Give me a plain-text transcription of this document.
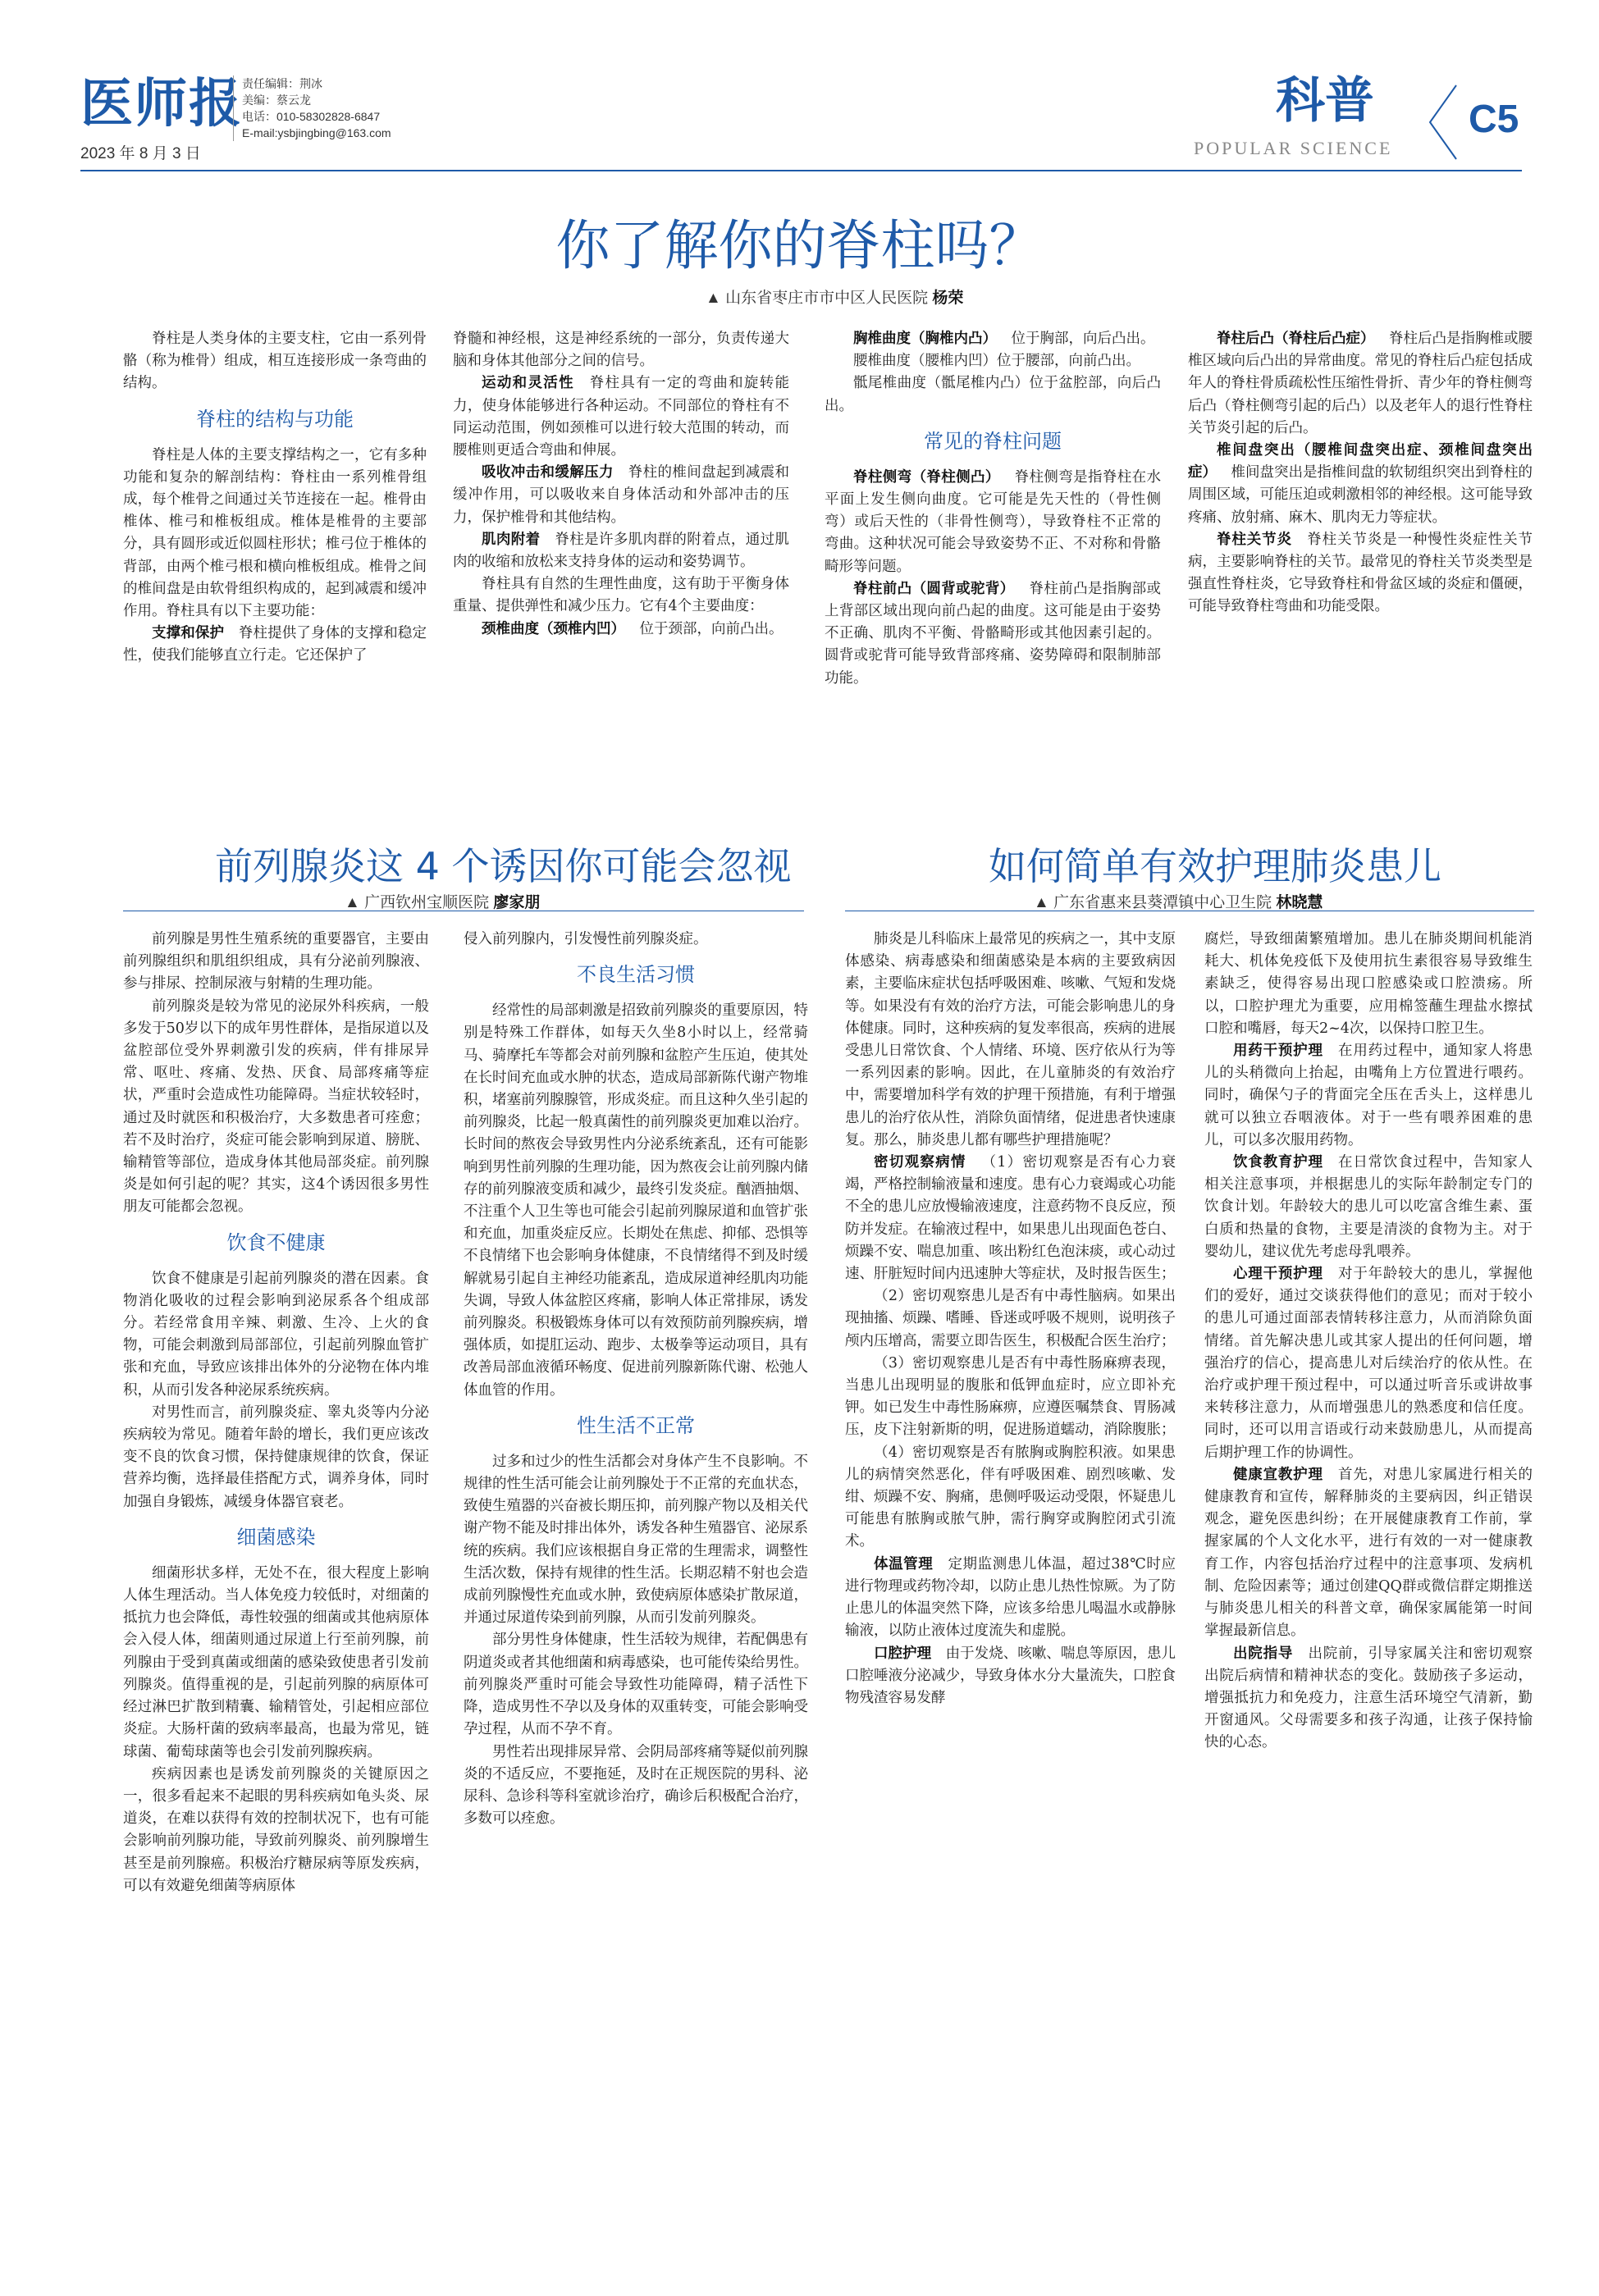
医师报
2023 年 8 月 3 日
责任编辑：荆冰
美编：蔡云龙
电话：010-58302828-6847
E-mail:ysbjingbing@163.com
科普
POPULAR SCIENCE
C5
你了解你的脊柱吗？
▲ 山东省枣庄市市中区人民医院 杨荣

脊柱是人类身体的主要支柱，它由一系列骨骼（称为椎骨）组成，相互连接形成一条弯曲的结构。

脊柱的结构与功能

脊柱是人体的主要支撑结构之一，它有多种功能和复杂的解剖结构：脊柱由一系列椎骨组成，每个椎骨之间通过关节连接在一起。椎骨由椎体、椎弓和椎板组成。椎体是椎骨的主要部分，具有圆形或近似圆柱形状；椎弓位于椎体的背部，由两个椎弓根和横向椎板组成。椎骨之间的椎间盘是由软骨组织构成的，起到减震和缓冲作用。脊柱具有以下主要功能：

支撑和保护  脊柱提供了身体的支撑和稳定性，使我们能够直立行走。它还保护了

脊髓和神经根，这是神经系统的一部分，负责传递大脑和身体其他部分之间的信号。

运动和灵活性  脊柱具有一定的弯曲和旋转能力，使身体能够进行各种运动。不同部位的脊柱有不同运动范围，例如颈椎可以进行较大范围的转动，而腰椎则更适合弯曲和伸展。

吸收冲击和缓解压力  脊柱的椎间盘起到减震和缓冲作用，可以吸收来自身体活动和外部冲击的压力，保护椎骨和其他结构。

肌肉附着  脊柱是许多肌肉群的附着点，通过肌肉的收缩和放松来支持身体的运动和姿势调节。

脊柱具有自然的生理性曲度，这有助于平衡身体重量、提供弹性和减少压力。它有4个主要曲度：

颈椎曲度（颈椎内凹）  位于颈部，向前凸出。

胸椎曲度（胸椎内凸）  位于胸部，向后凸出。

腰椎曲度（腰椎内凹）位于腰部，向前凸出。

骶尾椎曲度（骶尾椎内凸）位于盆腔部，向后凸出。

常见的脊柱问题

脊柱侧弯（脊柱侧凸）  脊柱侧弯是指脊柱在水平面上发生侧向曲度。它可能是先天性的（骨性侧弯）或后天性的（非骨性侧弯），导致脊柱不正常的弯曲。这种状况可能会导致姿势不正、不对称和骨骼畸形等问题。

脊柱前凸（圆背或驼背）  脊柱前凸是指胸部或上背部区域出现向前凸起的曲度。这可能是由于姿势不正确、肌肉不平衡、骨骼畸形或其他因素引起的。圆背或驼背可能导致背部疼痛、姿势障碍和限制肺部功能。

脊柱后凸（脊柱后凸症）  脊柱后凸是指胸椎或腰椎区域向后凸出的异常曲度。常见的脊柱后凸症包括成年人的脊柱骨质疏松性压缩性骨折、青少年的脊柱侧弯后凸（脊柱侧弯引起的后凸）以及老年人的退行性脊柱关节炎引起的后凸。

椎间盘突出（腰椎间盘突出症、颈椎间盘突出症）  椎间盘突出是指椎间盘的软韧组织突出到脊柱的周围区域，可能压迫或刺激相邻的神经根。这可能导致疼痛、放射痛、麻木、肌肉无力等症状。

脊柱关节炎  脊柱关节炎是一种慢性炎症性关节病，主要影响脊柱的关节。最常见的脊柱关节炎类型是强直性脊柱炎，它导致脊柱和骨盆区域的炎症和僵硬，可能导致脊柱弯曲和功能受限。

前列腺炎这 4 个诱因你可能会忽视
▲ 广西钦州宝顺医院 廖家朋

前列腺是男性生殖系统的重要器官，主要由前列腺组织和肌组织组成，具有分泌前列腺液、参与排尿、控制尿液与射精的生理功能。

前列腺炎是较为常见的泌尿外科疾病，一般多发于50岁以下的成年男性群体，是指尿道以及盆腔部位受外界刺激引发的疾病，伴有排尿异常、呕吐、疼痛、发热、厌食、局部疼痛等症状，严重时会造成性功能障碍。当症状较轻时，通过及时就医和积极治疗，大多数患者可痊愈；若不及时治疗，炎症可能会影响到尿道、膀胱、输精管等部位，造成身体其他局部炎症。前列腺炎是如何引起的呢？其实，这4个诱因很多男性朋友可能都会忽视。

饮食不健康

饮食不健康是引起前列腺炎的潜在因素。食物消化吸收的过程会影响到泌尿系各个组成部分。若经常食用辛辣、刺激、生冷、上火的食物，可能会刺激到局部部位，引起前列腺血管扩张和充血，导致应该排出体外的分泌物在体内堆积，从而引发各种泌尿系统疾病。

对男性而言，前列腺炎症、睾丸炎等内分泌疾病较为常见。随着年龄的增长，我们更应该改变不良的饮食习惯，保持健康规律的饮食，保证营养均衡，选择最佳搭配方式，调养身体，同时加强自身锻炼，减缓身体器官衰老。

细菌感染

细菌形状多样，无处不在，很大程度上影响人体生理活动。当人体免疫力较低时，对细菌的抵抗力也会降低，毒性较强的细菌或其他病原体会入侵人体，细菌则通过尿道上行至前列腺，前列腺由于受到真菌或细菌的感染致使患者引发前列腺炎。值得重视的是，引起前列腺的病原体可经过淋巴扩散到精囊、输精管处，引起相应部位炎症。大肠杆菌的致病率最高，也最为常见，链球菌、葡萄球菌等也会引发前列腺疾病。

疾病因素也是诱发前列腺炎的关键原因之一，很多看起来不起眼的男科疾病如龟头炎、尿道炎，在难以获得有效的控制状况下，也有可能会影响前列腺功能，导致前列腺炎、前列腺增生甚至是前列腺癌。积极治疗糖尿病等原发疾病，可以有效避免细菌等病原体

侵入前列腺内，引发慢性前列腺炎症。

不良生活习惯

经常性的局部刺激是招致前列腺炎的重要原因，特别是特殊工作群体，如每天久坐8小时以上，经常骑马、骑摩托车等都会对前列腺和盆腔产生压迫，使其处在长时间充血或水肿的状态，造成局部新陈代谢产物堆积，堵塞前列腺腺管，形成炎症。而且这种久坐引起的前列腺炎，比起一般真菌性的前列腺炎更加难以治疗。长时间的熬夜会导致男性内分泌系统紊乱，还有可能影响到男性前列腺的生理功能，因为熬夜会让前列腺内储存的前列腺液变质和减少，最终引发炎症。酗酒抽烟、不注重个人卫生等也可能会引起前列腺尿道和血管扩张和充血，加重炎症反应。长期处在焦虑、抑郁、恐惧等不良情绪下也会影响身体健康，不良情绪得不到及时缓解就易引起自主神经功能紊乱，造成尿道神经肌肉功能失调，导致人体盆腔区疼痛，影响人体正常排尿，诱发前列腺炎。积极锻炼身体可以有效预防前列腺疾病，增强体质，如提肛运动、跑步、太极拳等运动项目，具有改善局部血液循环畅度、促进前列腺新陈代谢、松弛人体血管的作用。

性生活不正常

过多和过少的性生活都会对身体产生不良影响。不规律的性生活可能会让前列腺处于不正常的充血状态，致使生殖器的兴奋被长期压抑，前列腺产物以及相关代谢产物不能及时排出体外，诱发各种生殖器官、泌尿系统的疾病。我们应该根据自身正常的生理需求，调整性生活次数，保持有规律的性生活。长期忍精不射也会造成前列腺慢性充血或水肿，致使病原体感染扩散尿道，并通过尿道传染到前列腺，从而引发前列腺炎。

部分男性身体健康，性生活较为规律，若配偶患有阴道炎或者其他细菌和病毒感染，也可能传染给男性。前列腺炎严重时可能会导致性功能障碍，精子活性下降，造成男性不孕以及身体的双重转变，可能会影响受孕过程，从而不孕不育。

男性若出现排尿异常、会阴局部疼痛等疑似前列腺炎的不适反应，不要拖延，及时在正规医院的男科、泌尿科、急诊科等科室就诊治疗，确诊后积极配合治疗，多数可以痊愈。

如何简单有效护理肺炎患儿
▲ 广东省惠来县葵潭镇中心卫生院 林晓慧

肺炎是儿科临床上最常见的疾病之一，其中支原体感染、病毒感染和细菌感染是本病的主要致病因素，主要临床症状包括呼吸困难、咳嗽、气短和发烧等。如果没有有效的治疗方法，可能会影响患儿的身体健康。同时，这种疾病的复发率很高，疾病的进展受患儿日常饮食、个人情绪、环境、医疗依从行为等一系列因素的影响。因此，在儿童肺炎的有效治疗中，需要增加科学有效的护理干预措施，有利于增强患儿的治疗依从性，消除负面情绪，促进患者快速康复。那么，肺炎患儿都有哪些护理措施呢？

密切观察病情  （1）密切观察是否有心力衰竭，严格控制输液量和速度。患有心力衰竭或心功能不全的患儿应放慢输液速度，注意药物不良反应，预防并发症。在输液过程中，如果患儿出现面色苍白、烦躁不安、喘息加重、咳出粉红色泡沫痰，或心动过速、肝脏短时间内迅速肿大等症状，及时报告医生；

（2）密切观察患儿是否有中毒性脑病。如果出现抽搐、烦躁、嗜睡、昏迷或呼吸不规则，说明孩子颅内压增高，需要立即告医生，积极配合医生治疗；

（3）密切观察患儿是否有中毒性肠麻痹表现，当患儿出现明显的腹胀和低钾血症时，应立即补充钾。如已发生中毒性肠麻痹，应遵医嘱禁食、胃肠减压，皮下注射新斯的明，促进肠道蠕动，消除腹胀；

（4）密切观察是否有脓胸或胸腔积液。如果患儿的病情突然恶化，伴有呼吸困难、剧烈咳嗽、发绀、烦躁不安、胸痛，患侧呼吸运动受限，怀疑患儿可能患有脓胸或脓气肿，需行胸穿或胸腔闭式引流术。

体温管理  定期监测患儿体温，超过38℃时应进行物理或药物冷却，以防止患儿热性惊厥。为了防止患儿的体温突然下降，应该多给患儿喝温水或静脉输液，以防止液体过度流失和虚脱。

口腔护理  由于发烧、咳嗽、喘息等原因，患儿口腔唾液分泌减少，导致身体水分大量流失，口腔食物残渣容易发酵

腐烂，导致细菌繁殖增加。患儿在肺炎期间机能消耗大、机体免疫低下及使用抗生素很容易导致维生素缺乏，使得容易出现口腔感染或口腔溃疡。所以，口腔护理尤为重要，应用棉签蘸生理盐水擦拭口腔和嘴唇，每天2~4次，以保持口腔卫生。

用药干预护理  在用药过程中，通知家人将患儿的头稍微向上抬起，由嘴角上方位置进行喂药。同时，确保勺子的背面完全压在舌头上，这样患儿就可以独立吞咽液体。对于一些有喂养困难的患儿，可以多次服用药物。

饮食教育护理  在日常饮食过程中，告知家人相关注意事项，并根据患儿的实际年龄制定专门的饮食计划。年龄较大的患儿可以吃富含维生素、蛋白质和热量的食物，主要是清淡的食物为主。对于婴幼儿，建议优先考虑母乳喂养。

心理干预护理  对于年龄较大的患儿，掌握他们的爱好，通过交谈获得他们的意见；而对于较小的患儿可通过面部表情转移注意力，从而消除负面情绪。首先解决患儿或其家人提出的任何问题，增强治疗的信心，提高患儿对后续治疗的依从性。在治疗或护理干预过程中，可以通过听音乐或讲故事来转移注意力，从而增强患儿的熟悉度和信任度。同时，还可以用言语或行动来鼓励患儿，从而提高后期护理工作的协调性。

健康宣教护理  首先，对患儿家属进行相关的健康教育和宣传，解释肺炎的主要病因，纠正错误观念，避免医患纠纷；在开展健康教育工作前，掌握家属的个人文化水平，进行有效的一对一健康教育工作，内容包括治疗过程中的注意事项、发病机制、危险因素等；通过创建QQ群或微信群定期推送与肺炎患儿相关的科普文章，确保家属能第一时间掌握最新信息。

出院指导  出院前，引导家属关注和密切观察出院后病情和精神状态的变化。鼓励孩子多运动，增强抵抗力和免疫力，注意生活环境空气清新，勤开窗通风。父母需要多和孩子沟通，让孩子保持愉快的心态。
